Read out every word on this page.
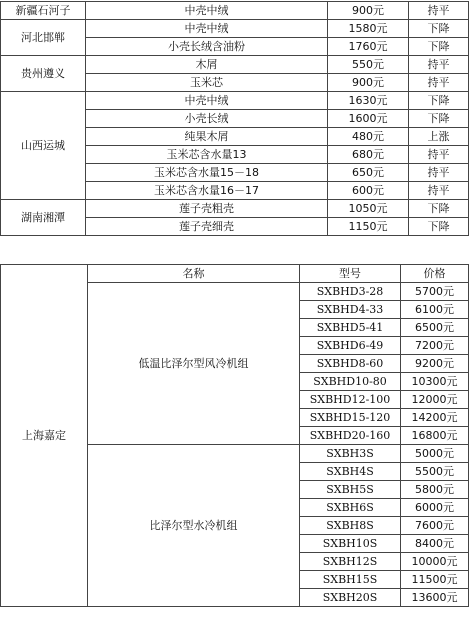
新疆石河子	中壳中绒	900元	持平
河北邯郸	中壳中绒	1580元	下降
	小壳长绒含油粉	1760元	下降
贵州遵义	木屑	550元	持平
	玉米芯	900元	持平
山西运城	中壳中绒	1630元	下降
	小壳长绒	1600元	下降
	纯果木屑	480元	上涨
	玉米芯含水量13	680元	持平
	玉米芯含水量15－18	650元	持平
	玉米芯含水量16－17	600元	持平
湖南湘潭	莲子壳粗壳	1050元	下降
	莲子壳细壳	1150元	下降
上海嘉定	名称	型号	价格
	低温比泽尔型风冷机组	SXBHD3-28	5700元
		SXBHD4-33	6100元
		SXBHD5-41	6500元
		SXBHD6-49	7200元
		SXBHD8-60	9200元
		SXBHD10-80	10300元
		SXBHD12-100	12000元
		SXBHD15-120	14200元
		SXBHD20-160	16800元
	比泽尔型水冷机组	SXBH3S	5000元
		SXBH4S	5500元
		SXBH5S	5800元
		SXBH6S	6000元
		SXBH8S	7600元
		SXBH10S	8400元
		SXBH12S	10000元
		SXBH15S	11500元
		SXBH20S	13600元
